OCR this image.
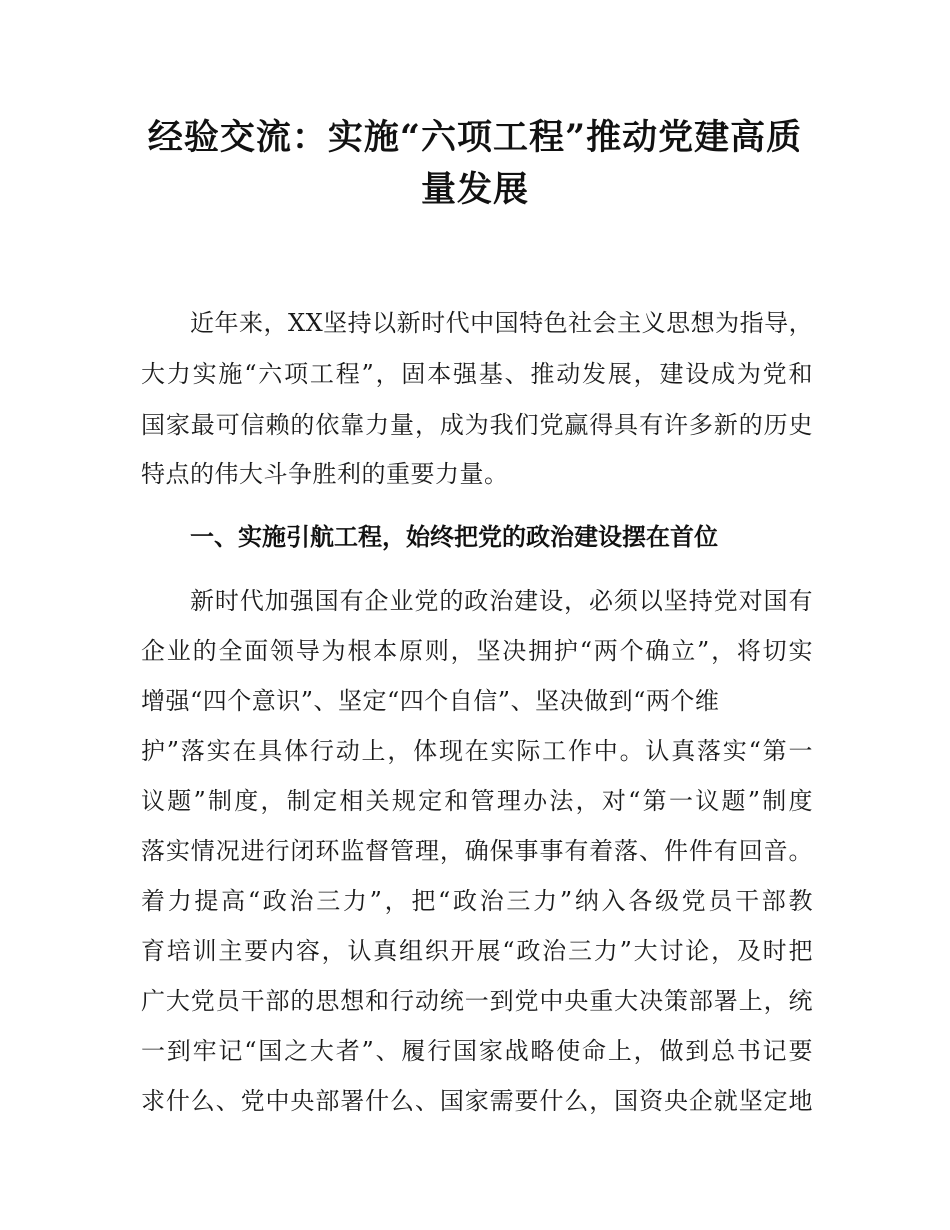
经验交流：实施“六项工程”推动党建高质
量发展

近年来，XX坚持以新时代中国特色社会主义思想为指导，

大力实施“六项工程”，固本强基、推动发展，建设成为党和

国家最可信赖的依靠力量，成为我们党赢得具有许多新的历史

特点的伟大斗争胜利的重要力量。

一、实施引航工程，始终把党的政治建设摆在首位

新时代加强国有企业党的政治建设，必须以坚持党对国有

企业的全面领导为根本原则，坚决拥护“两个确立”，将切实

增强“四个意识”、坚定“四个自信”、坚决做到“两个维

护”落实在具体行动上，体现在实际工作中。认真落实“第一

议题”制度，制定相关规定和管理办法，对“第一议题”制度

落实情况进行闭环监督管理，确保事事有着落、件件有回音。

着力提高“政治三力”，把“政治三力”纳入各级党员干部教

育培训主要内容，认真组织开展“政治三力”大讨论，及时把

广大党员干部的思想和行动统一到党中央重大决策部署上，统

一到牢记“国之大者”、履行国家战略使命上，做到总书记要

求什么、党中央部署什么、国家需要什么，国资央企就坚定地
